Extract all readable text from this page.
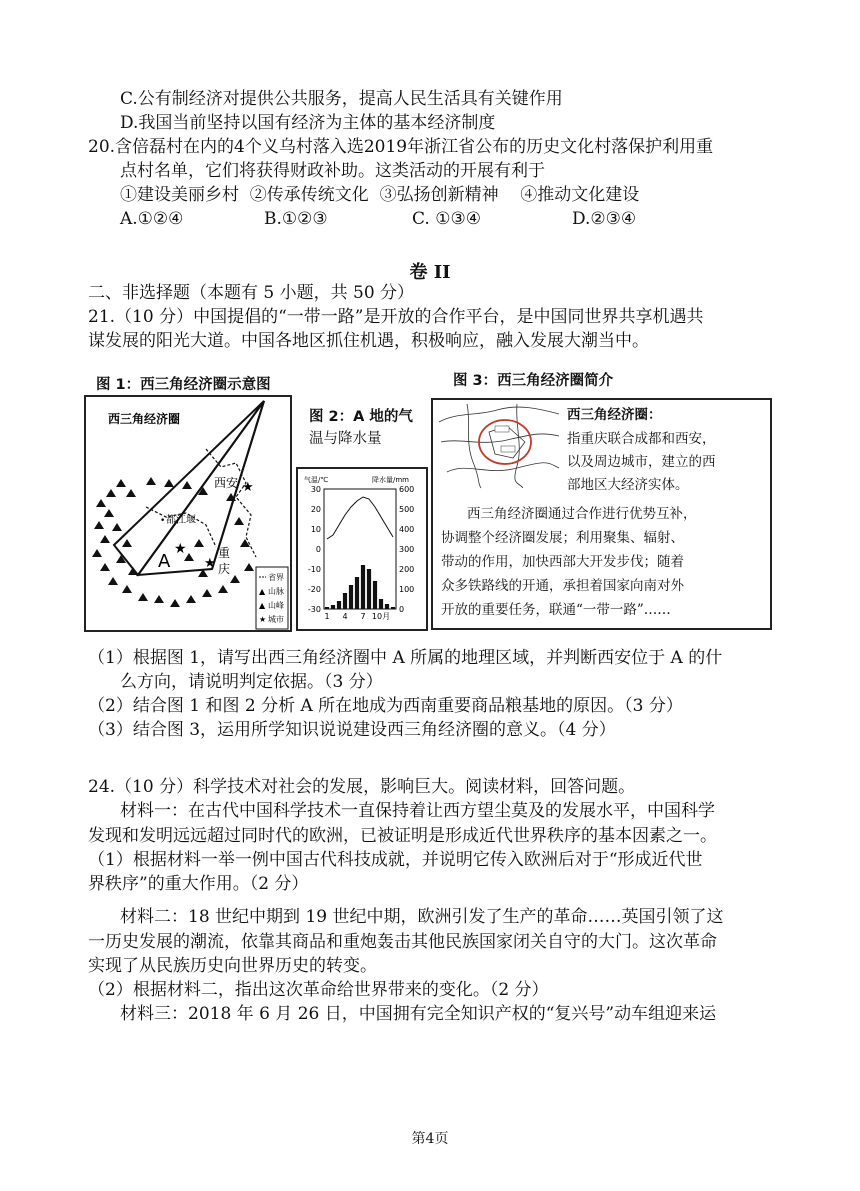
C.公有制经济对提供公共服务，提高人民生活具有关键作用
D.我国当前坚持以国有经济为主体的基本经济制度
20.含倍磊村在内的4个义乌村落入选2019年浙江省公布的历史文化村落保护利用重
点村名单，它们将获得财政补助。这类活动的开展有利于
①建设美丽乡村  ②传承传统文化  ③弘扬创新精神    ④推动文化建设
A.①②④	B.①②③	C. ①③④	D.②③④
卷 II
二、非选择题（本题有 5 小题，共 50 分）
21.（10 分）中国提倡的“一带一路”是开放的合作平台，是中国同世界共享机遇共
谋发展的阳光大道。中国各地区抓住机遇，积极响应，融入发展大潮当中。
图 1：西三角经济圈示意图
图 2：A 地的气
温与降水量
图 3：西三角经济圈简介
西三角经济圈
西安 ★
都江堰
•
A
★
★
重
庆
省界
▲ 山脉
▲ 山峰
★ 城市
气温/℃	降水量/mm
30
20
10
0
-10
-20
-30
600
500
400
300
200
100
0
1 4 7 10月
西三角经济圈：
指重庆联合成都和西安，
以及周边城市，建立的西
部地区大经济实体。
西三角经济圈通过合作进行优势互补，
协调整个经济圈发展；利用聚集、辐射、
带动的作用，加快西部大开发步伐；随着
众多铁路线的开通，承担着国家向南对外
开放的重要任务，联通“一带一路”……
（1）根据图 1，请写出西三角经济圈中 A 所属的地理区域，并判断西安位于 A 的什
么方向，请说明判定依据。（3 分）
（2）结合图 1 和图 2 分析 A 所在地成为西南重要商品粮基地的原因。（3 分）
（3）结合图 3，运用所学知识说说建设西三角经济圈的意义。（4 分）
24.（10 分）科学技术对社会的发展，影响巨大。阅读材料，回答问题。
材料一：在古代中国科学技术一直保持着让西方望尘莫及的发展水平，中国科学
发现和发明远远超过同时代的欧洲，已被证明是形成近代世界秩序的基本因素之一。
（1）根据材料一举一例中国古代科技成就，并说明它传入欧洲后对于“形成近代世
界秩序”的重大作用。（2 分）
材料二：18 世纪中期到 19 世纪中期，欧洲引发了生产的革命……英国引领了这
一历史发展的潮流，依靠其商品和重炮轰击其他民族国家闭关自守的大门。这次革命
实现了从民族历史向世界历史的转变。
（2）根据材料二，指出这次革命给世界带来的变化。（2 分）
材料三：2018 年 6 月 26 日，中国拥有完全知识产权的“复兴号”动车组迎来运
第4页
